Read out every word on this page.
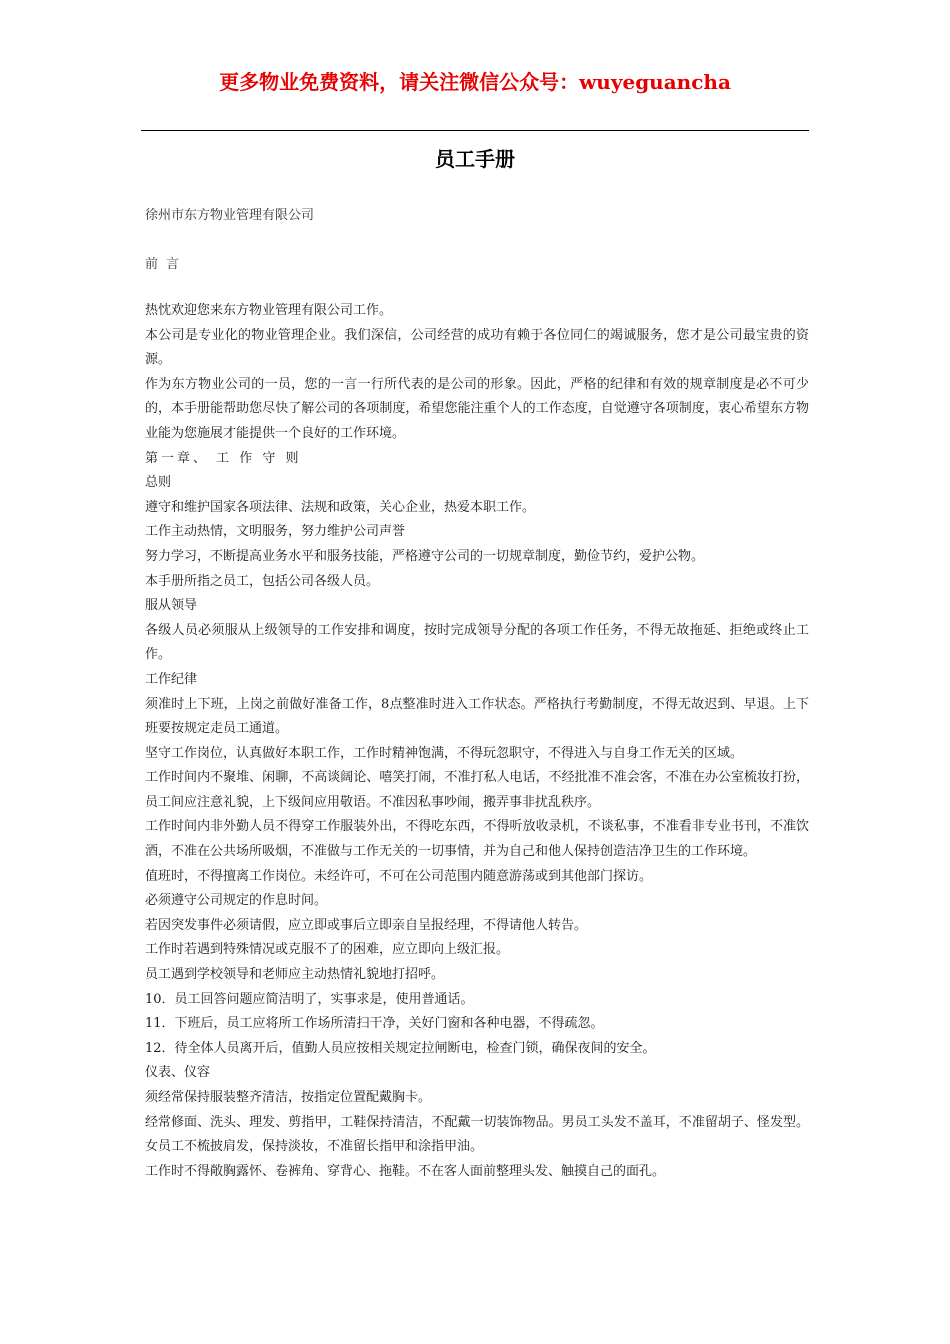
更多物业免费资料，请关注微信公众号：wuyeguancha
员工手册
徐州市东方物业管理有限公司
前言

热忱欢迎您来东方物业管理有限公司工作。

本公司是专业化的物业管理企业。我们深信，公司经营的成功有赖于各位同仁的竭诚服务，您才是公司最宝贵的资源。

作为东方物业公司的一员，您的一言一行所代表的是公司的形象。因此，严格的纪律和有效的规章制度是必不可少的，本手册能帮助您尽快了解公司的各项制度，希望您能注重个人的工作态度，自觉遵守各项制度，衷心希望东方物业能为您施展才能提供一个良好的工作环境。

第一章、 工 作 守 则

总则

遵守和维护国家各项法律、法规和政策，关心企业，热爱本职工作。

工作主动热情，文明服务，努力维护公司声誉

努力学习，不断提高业务水平和服务技能，严格遵守公司的一切规章制度，勤俭节约，爱护公物。

本手册所指之员工，包括公司各级人员。

服从领导

各级人员必须服从上级领导的工作安排和调度，按时完成领导分配的各项工作任务，不得无故拖延、拒绝或终止工作。

工作纪律

须准时上下班，上岗之前做好准备工作，8点整准时进入工作状态。严格执行考勤制度，不得无故迟到、早退。上下班要按规定走员工通道。

坚守工作岗位，认真做好本职工作，工作时精神饱满，不得玩忽职守，不得进入与自身工作无关的区域。

工作时间内不聚堆、闲聊，不高谈阔论、嘻笑打闹，不准打私人电话，不经批准不准会客，不准在办公室梳妆打扮，员工间应注意礼貌，上下级间应用敬语。不准因私事吵闹，搬弄事非扰乱秩序。

工作时间内非外勤人员不得穿工作服装外出，不得吃东西，不得听放收录机，不谈私事，不准看非专业书刊，不准饮酒，不准在公共场所吸烟，不准做与工作无关的一切事情，并为自己和他人保持创造洁净卫生的工作环境。

值班时，不得擅离工作岗位。未经许可，不可在公司范围内随意游荡或到其他部门探访。

必须遵守公司规定的作息时间。

若因突发事件必须请假，应立即或事后立即亲自呈报经理，不得请他人转告。

工作时若遇到特殊情况或克服不了的困难，应立即向上级汇报。

员工遇到学校领导和老师应主动热情礼貌地打招呼。

10．员工回答问题应简洁明了，实事求是，使用普通话。

11．下班后，员工应将所工作场所清扫干净，关好门窗和各种电器，不得疏忽。

12．待全体人员离开后，值勤人员应按相关规定拉闸断电，检查门锁，确保夜间的安全。

仪表、仪容

须经常保持服装整齐清洁，按指定位置配戴胸卡。

经常修面、洗头、理发、剪指甲，工鞋保持清洁，不配戴一切装饰物品。男员工头发不盖耳，不准留胡子、怪发型。女员工不梳披肩发，保持淡妆，不准留长指甲和涂指甲油。

工作时不得敞胸露怀、卷裤角、穿背心、拖鞋。不在客人面前整理头发、触摸自己的面孔。
